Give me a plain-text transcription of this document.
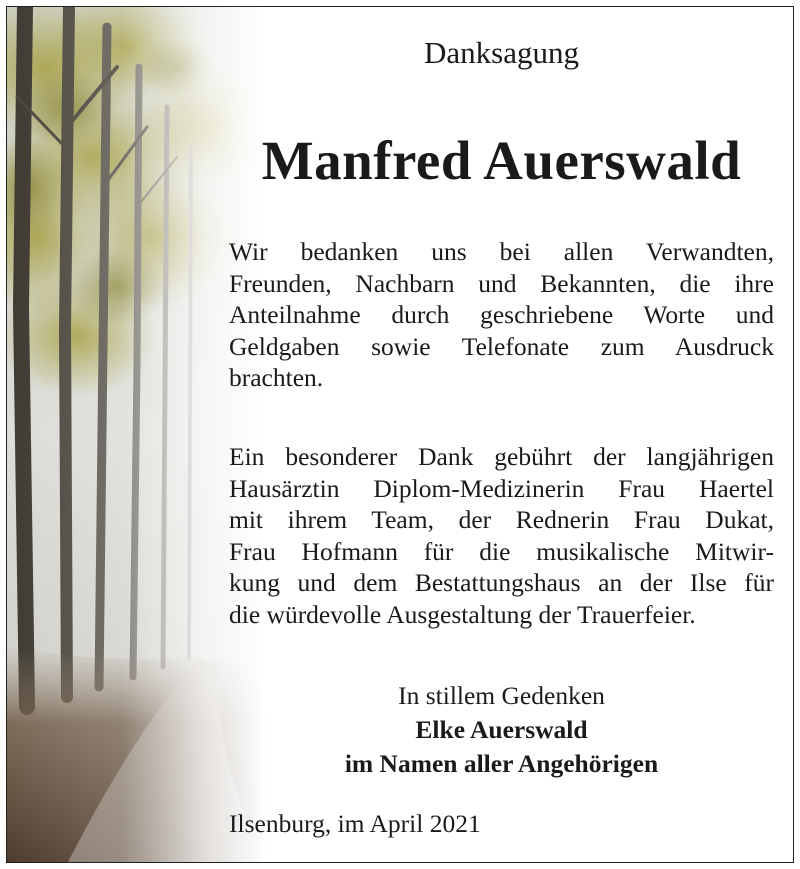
Danksagung
Manfred Auerswald
Wir bedanken uns bei allen Verwandten,
Freunden, Nachbarn und Bekannten, die ihre
Anteilnahme durch geschriebene Worte und
Geldgaben sowie Telefonate zum Ausdruck
brachten.
Ein besonderer Dank gebührt der langjährigen
Hausärztin Diplom-Medizinerin Frau Haertel
mit ihrem Team, der Rednerin Frau Dukat,
Frau Hofmann für die musikalische Mitwir-
kung und dem Bestattungshaus an der Ilse für
die würdevolle Ausgestaltung der Trauerfeier.
In stillem Gedenken
Elke Auerswald
im Namen aller Angehörigen
Ilsenburg, im April 2021
